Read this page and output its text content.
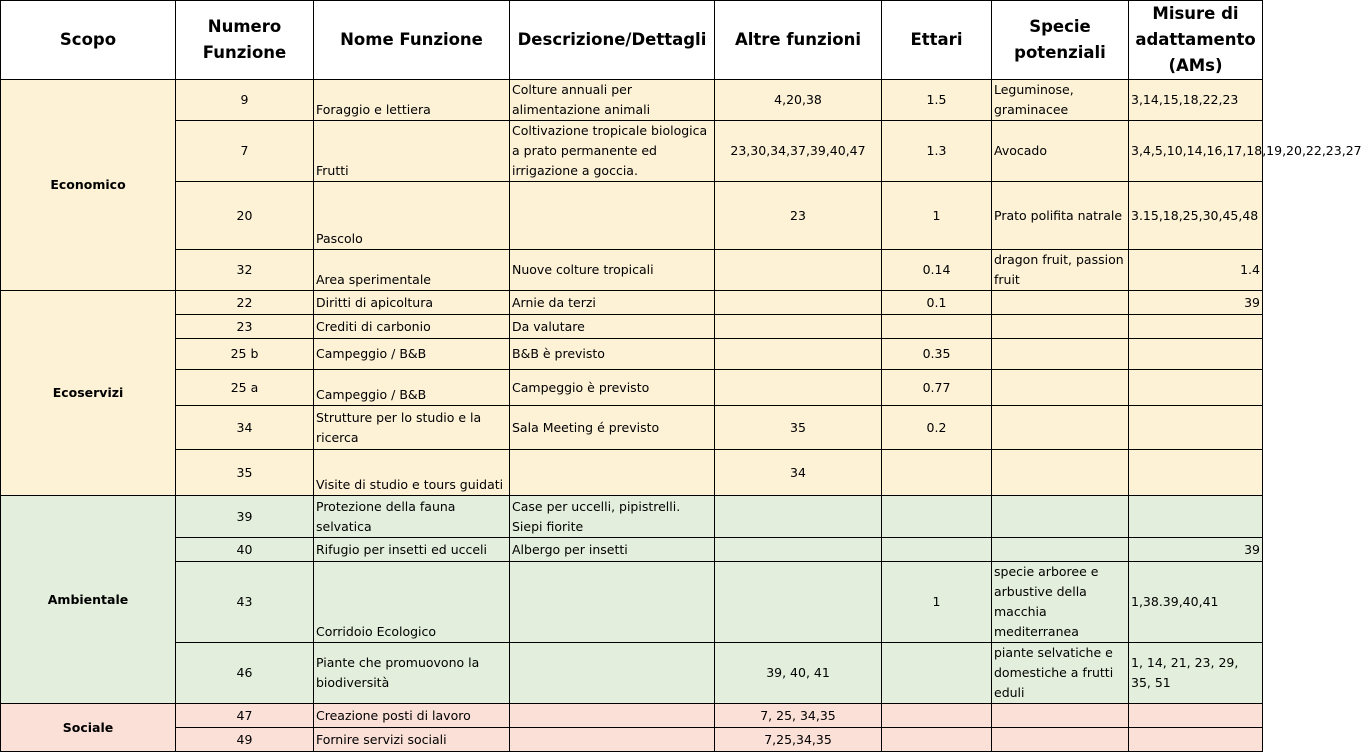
Scopo	Numero Funzione	Nome Funzione	Descrizione/Dettagli	Altre funzioni	Ettari	Specie potenziali	Misure di adattamento (AMs)
Economico	9	Foraggio e lettiera	Colture annuali per alimentazione animali	4,20,38	1.5	Leguminose, graminacee	3,14,15,18,22,23
	7	Frutti	Coltivazione tropicale biologica a prato permanente ed irrigazione a goccia.	23,30,34,37,39,40,47	1.3	Avocado	3,4,5,10,14,16,17,18,19,20,22,23,27
	20	Pascolo		23	1	Prato polifita natrale	3.15,18,25,30,45,48
	32	Area sperimentale	Nuove colture tropicali		0.14	dragon fruit, passion fruit	1.4
Ecoservizi	22	Diritti di apicoltura	Arnie da terzi		0.1		39
	23	Crediti di carbonio	Da valutare				
	25 b	Campeggio / B&B	B&B è previsto		0.35		
	25 a	Campeggio / B&B	Campeggio è previsto		0.77		
	34	Strutture per lo studio e la ricerca	Sala Meeting é previsto	35	0.2		
	35	Visite di studio e tours guidati		34			
Ambientale	39	Protezione della fauna selvatica	Case per uccelli, pipistrelli. Siepi fiorite				
	40	Rifugio per insetti ed ucceli	Albergo per insetti				39
	43	Corridoio Ecologico			1	specie arboree e arbustive della macchia mediterranea	1,38.39,40,41
	46	Piante che promuovono la biodiversità		39, 40, 41		piante selvatiche e domestiche a frutti eduli	1, 14, 21, 23, 29, 35, 51
Sociale	47	Creazione posti di lavoro		7, 25, 34,35			
	49	Fornire servizi sociali		7,25,34,35			
